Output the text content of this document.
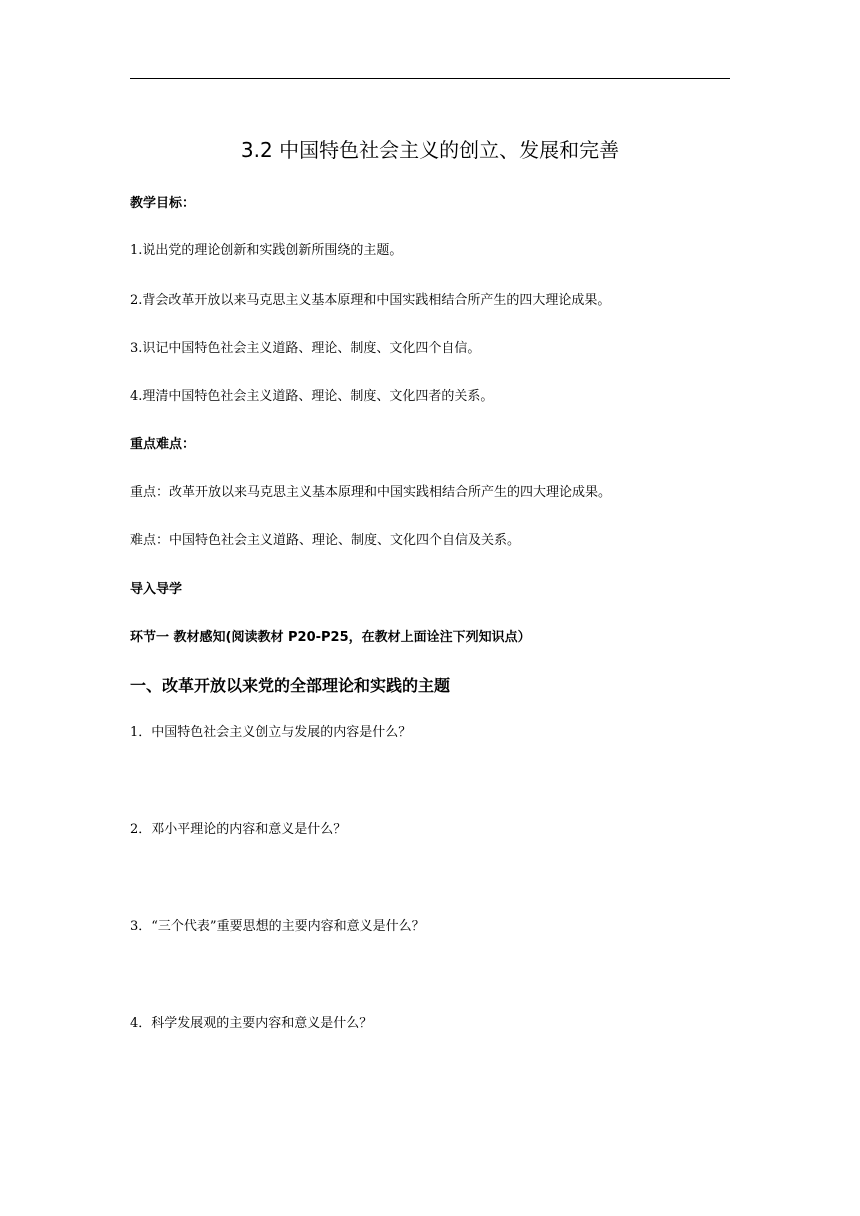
3.2 中国特色社会主义的创立、发展和完善
教学目标：
1.说出党的理论创新和实践创新所围绕的主题。
2.背会改革开放以来马克思主义基本原理和中国实践相结合所产生的四大理论成果。
3.识记中国特色社会主义道路、理论、制度、文化四个自信。
4.理清中国特色社会主义道路、理论、制度、文化四者的关系。
重点难点：
重点：改革开放以来马克思主义基本原理和中国实践相结合所产生的四大理论成果。
难点：中国特色社会主义道路、理论、制度、文化四个自信及关系。
导入导学
环节一 教材感知(阅读教材 P20-P25，在教材上面诠注下列知识点）
一、改革开放以来党的全部理论和实践的主题
1．中国特色社会主义创立与发展的内容是什么？
2．邓小平理论的内容和意义是什么？
3．“三个代表”重要思想的主要内容和意义是什么？
4．科学发展观的主要内容和意义是什么？
